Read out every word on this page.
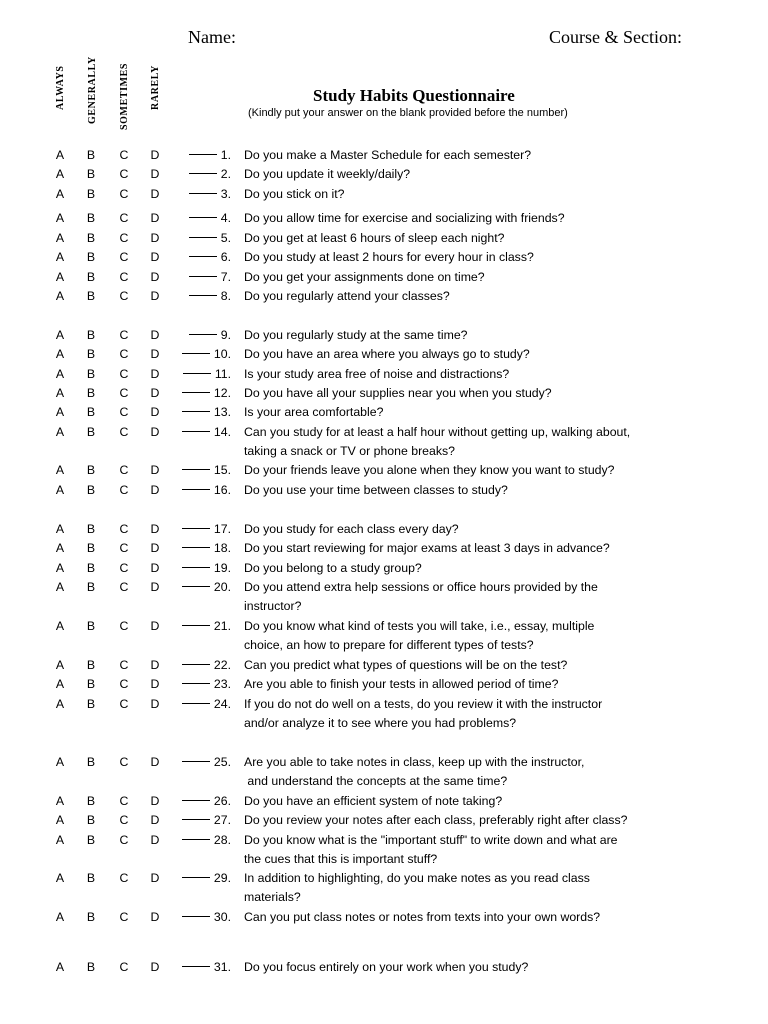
Name:	Course & Section:
ALWAYS GENERALLY SOMETIMES RARELY	Study Habits Questionnaire
(Kindly put your answer on the blank provided before the number)
A B C D	1. Do you make a Master Schedule for each semester?
A B C D	2. Do you update it weekly/daily?
A B C D	3. Do you stick on it?
A B C D	4. Do you allow time for exercise and socializing with friends?
A B C D	5. Do you get at least 6 hours of sleep each night?
A B C D	6. Do you study at least 2 hours for every hour in class?
A B C D	7. Do you get your assignments done on time?
A B C D	8. Do you regularly attend your classes?
A B C D	9. Do you regularly study at the same time?
A B C D	10. Do you have an area where you always go to study?
A B C D	11. Is your study area free of noise and distractions?
A B C D	12. Do you have all your supplies near you when you study?
A B C D	13. Is your area comfortable?
A B C D	14. Can you study for at least a half hour without getting up, walking about,
taking a snack or TV or phone breaks?
A B C D	15. Do your friends leave you alone when they know you want to study?
A B C D	16. Do you use your time between classes to study?
A B C D	17. Do you study for each class every day?
A B C D	18. Do you start reviewing for major exams at least 3 days in advance?
A B C D	19. Do you belong to a study group?
A B C D	20. Do you attend extra help sessions or office hours provided by the
instructor?
A B C D	21. Do you know what kind of tests you will take, i.e., essay, multiple
choice, an how to prepare for different types of tests?
A B C D	22. Can you predict what types of questions will be on the test?
A B C D	23. Are you able to finish your tests in allowed period of time?
A B C D	24. If you do not do well on a tests, do you review it with the instructor
and/or analyze it to see where you had problems?
A B C D	25. Are you able to take notes in class, keep up with the instructor,
and understand the concepts at the same time?
A B C D	26. Do you have an efficient system of note taking?
A B C D	27. Do you review your notes after each class, preferably right after class?
A B C D	28. Do you know what is the "important stuff" to write down and what are
the cues that this is important stuff?
A B C D	29. In addition to highlighting, do you make notes as you read class
materials?
A B C D	30. Can you put class notes or notes from texts into your own words?
A B C D	31. Do you focus entirely on your work when you study?
